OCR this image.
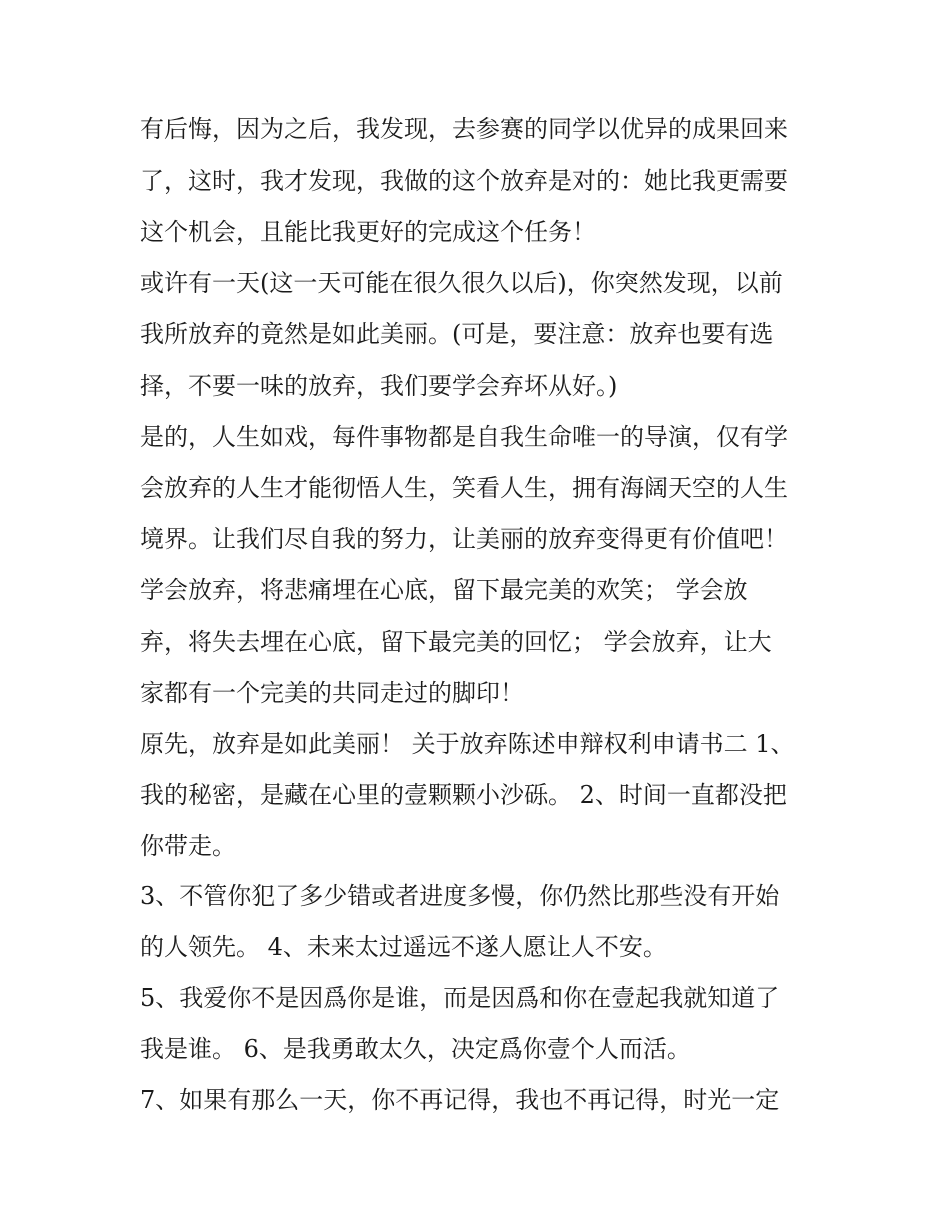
有后悔，因为之后，我发现，去参赛的同学以优异的成果回来
了，这时，我才发现，我做的这个放弃是对的：她比我更需要
这个机会，且能比我更好的完成这个任务！
或许有一天(这一天可能在很久很久以后)，你突然发现，以前
我所放弃的竟然是如此美丽。(可是，要注意：放弃也要有选
择，不要一味的放弃，我们要学会弃坏从好。)
是的，人生如戏，每件事物都是自我生命唯一的导演，仅有学
会放弃的人生才能彻悟人生，笑看人生，拥有海阔天空的人生
境界。让我们尽自我的努力，让美丽的放弃变得更有价值吧！
学会放弃，将悲痛埋在心底，留下最完美的欢笑； 学会放
弃，将失去埋在心底，留下最完美的回忆； 学会放弃，让大
家都有一个完美的共同走过的脚印！
原先，放弃是如此美丽！ 关于放弃陈述申辩权利申请书二 1、
我的秘密，是藏在心里的壹颗颗小沙砾。 2、时间一直都没把
你带走。
3、不管你犯了多少错或者进度多慢，你仍然比那些没有开始
的人领先。 4、未来太过遥远不遂人愿让人不安。
5、我爱你不是因爲你是谁，而是因爲和你在壹起我就知道了
我是谁。 6、是我勇敢太久，决定爲你壹个人而活。
7、如果有那么一天，你不再记得，我也不再记得，时光一定
